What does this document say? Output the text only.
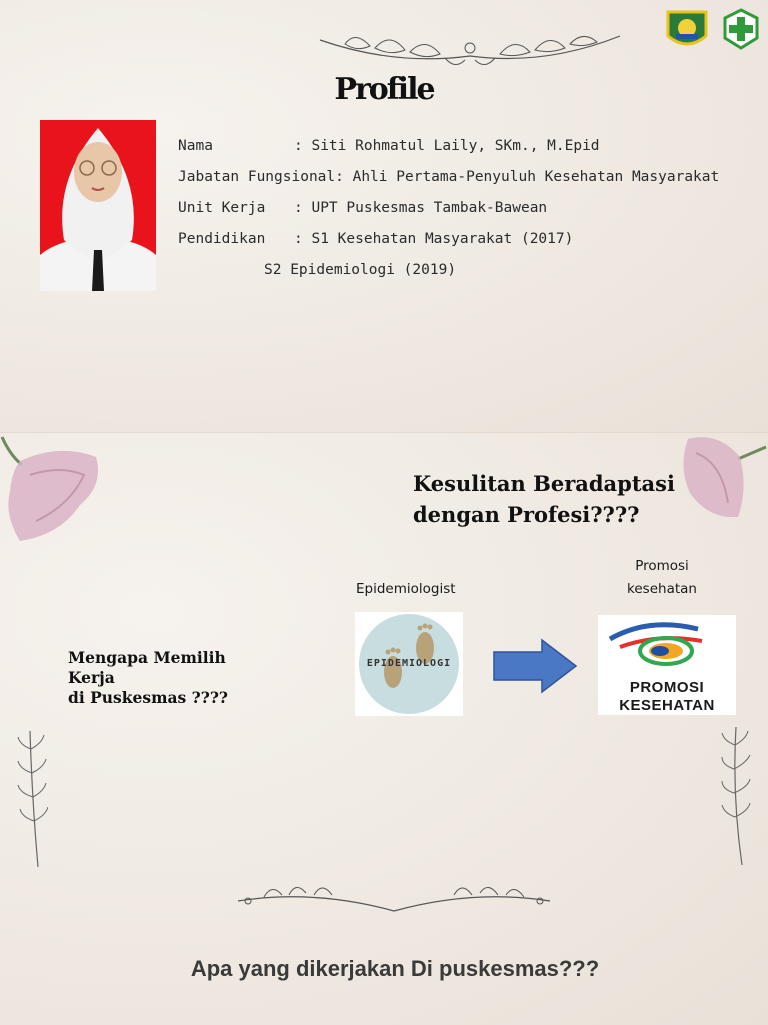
Profile
Nama	: Siti Rohmatul Laily, SKm., M.Epid
Jabatan Fungsional: Ahli Pertama-Penyuluh Kesehatan Masyarakat
Unit Kerja : UPT Puskesmas Tambak-Bawean
Pendidikan : S1 Kesehatan Masyarakat (2017)
S2 Epidemiologi (2019)
Kesulitan Beradaptasi
dengan Profesi????
Epidemiologist
Promosi
kesehatan
Mengapa Memilih
Kerja
di Puskesmas ????
EPIDEMIOLOGI
PROMOSI
KESEHATAN
Apa yang dikerjakan Di puskesmas???
